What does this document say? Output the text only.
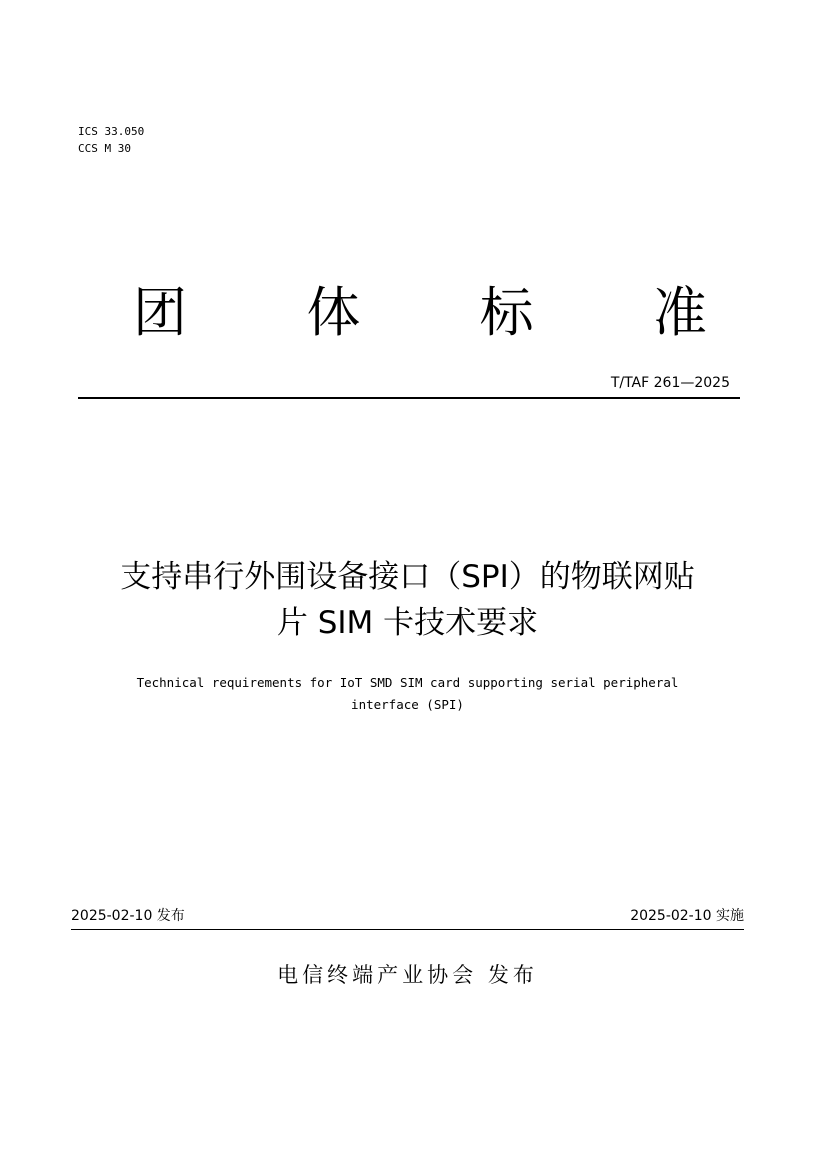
ICS 33.050
CCS M 30
团 体 标 准
T/TAF 261—2025
支持串行外围设备接口（SPI）的物联网贴
片 SIM 卡技术要求
Technical requirements for IoT SMD SIM card supporting serial peripheral
interface (SPI)
2025-02-10 发布	2025-02-10 实施
电信终端产业协会 发布
